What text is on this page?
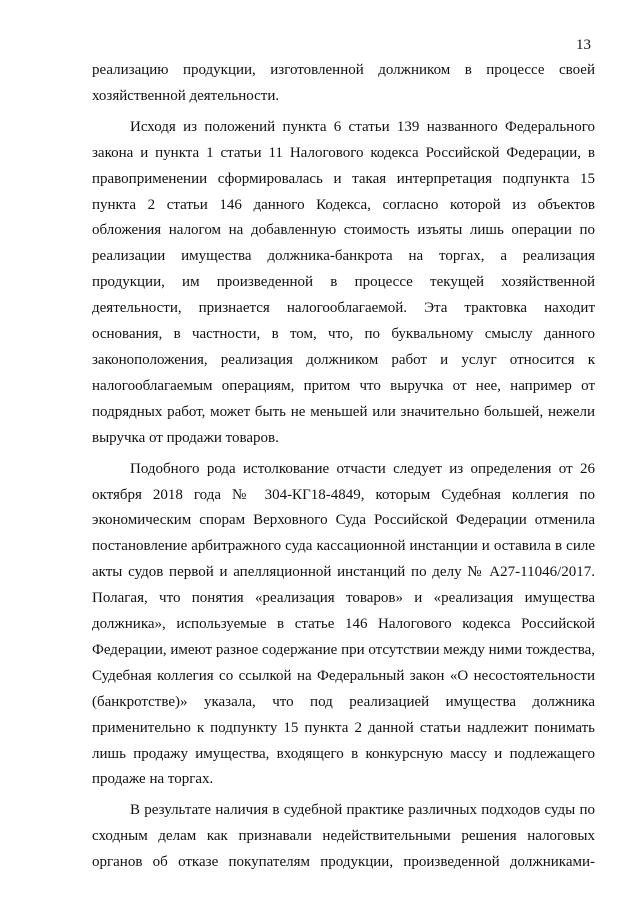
13

реализацию продукции, изготовленной должником в процессе своей хозяйственной деятельности.

Исходя из положений пункта 6 статьи 139 названного Федерального закона и пункта 1 статьи 11 Налогового кодекса Российской Федерации, в правоприменении сформировалась и такая интерпретация подпункта 15 пункта 2 статьи 146 данного Кодекса, согласно которой из объектов обложения налогом на добавленную стоимость изъяты лишь операции по реализации имущества должника-банкрота на торгах, а реализация продукции, им произведенной в процессе текущей хозяйственной деятельности, признается налогооблагаемой. Эта трактовка находит основания, в частности, в том, что, по буквальному смыслу данного законоположения, реализация должником работ и услуг относится к налогооблагаемым операциям, притом что выручка от нее, например от подрядных работ, может быть не меньшей или значительно большей, нежели выручка от продажи товаров.

Подобного рода истолкование отчасти следует из определения от 26 октября 2018 года № 304-КГ18-4849, которым Судебная коллегия по экономическим спорам Верховного Суда Российской Федерации отменила постановление арбитражного суда кассационной инстанции и оставила в силе акты судов первой и апелляционной инстанций по делу № А27-11046/2017. Полагая, что понятия «реализация товаров» и «реализация имущества должника», используемые в статье 146 Налогового кодекса Российской Федерации, имеют разное содержание при отсутствии между ними тождества, Судебная коллегия со ссылкой на Федеральный закон «О несостоятельности (банкротстве)» указала, что под реализацией имущества должника применительно к подпункту 15 пункта 2 данной статьи надлежит понимать лишь продажу имущества, входящего в конкурсную массу и подлежащего продаже на торгах.

В результате наличия в судебной практике различных подходов суды по сходным делам как признавали недействительными решения налоговых органов об отказе покупателям продукции, произведенной должниками-
